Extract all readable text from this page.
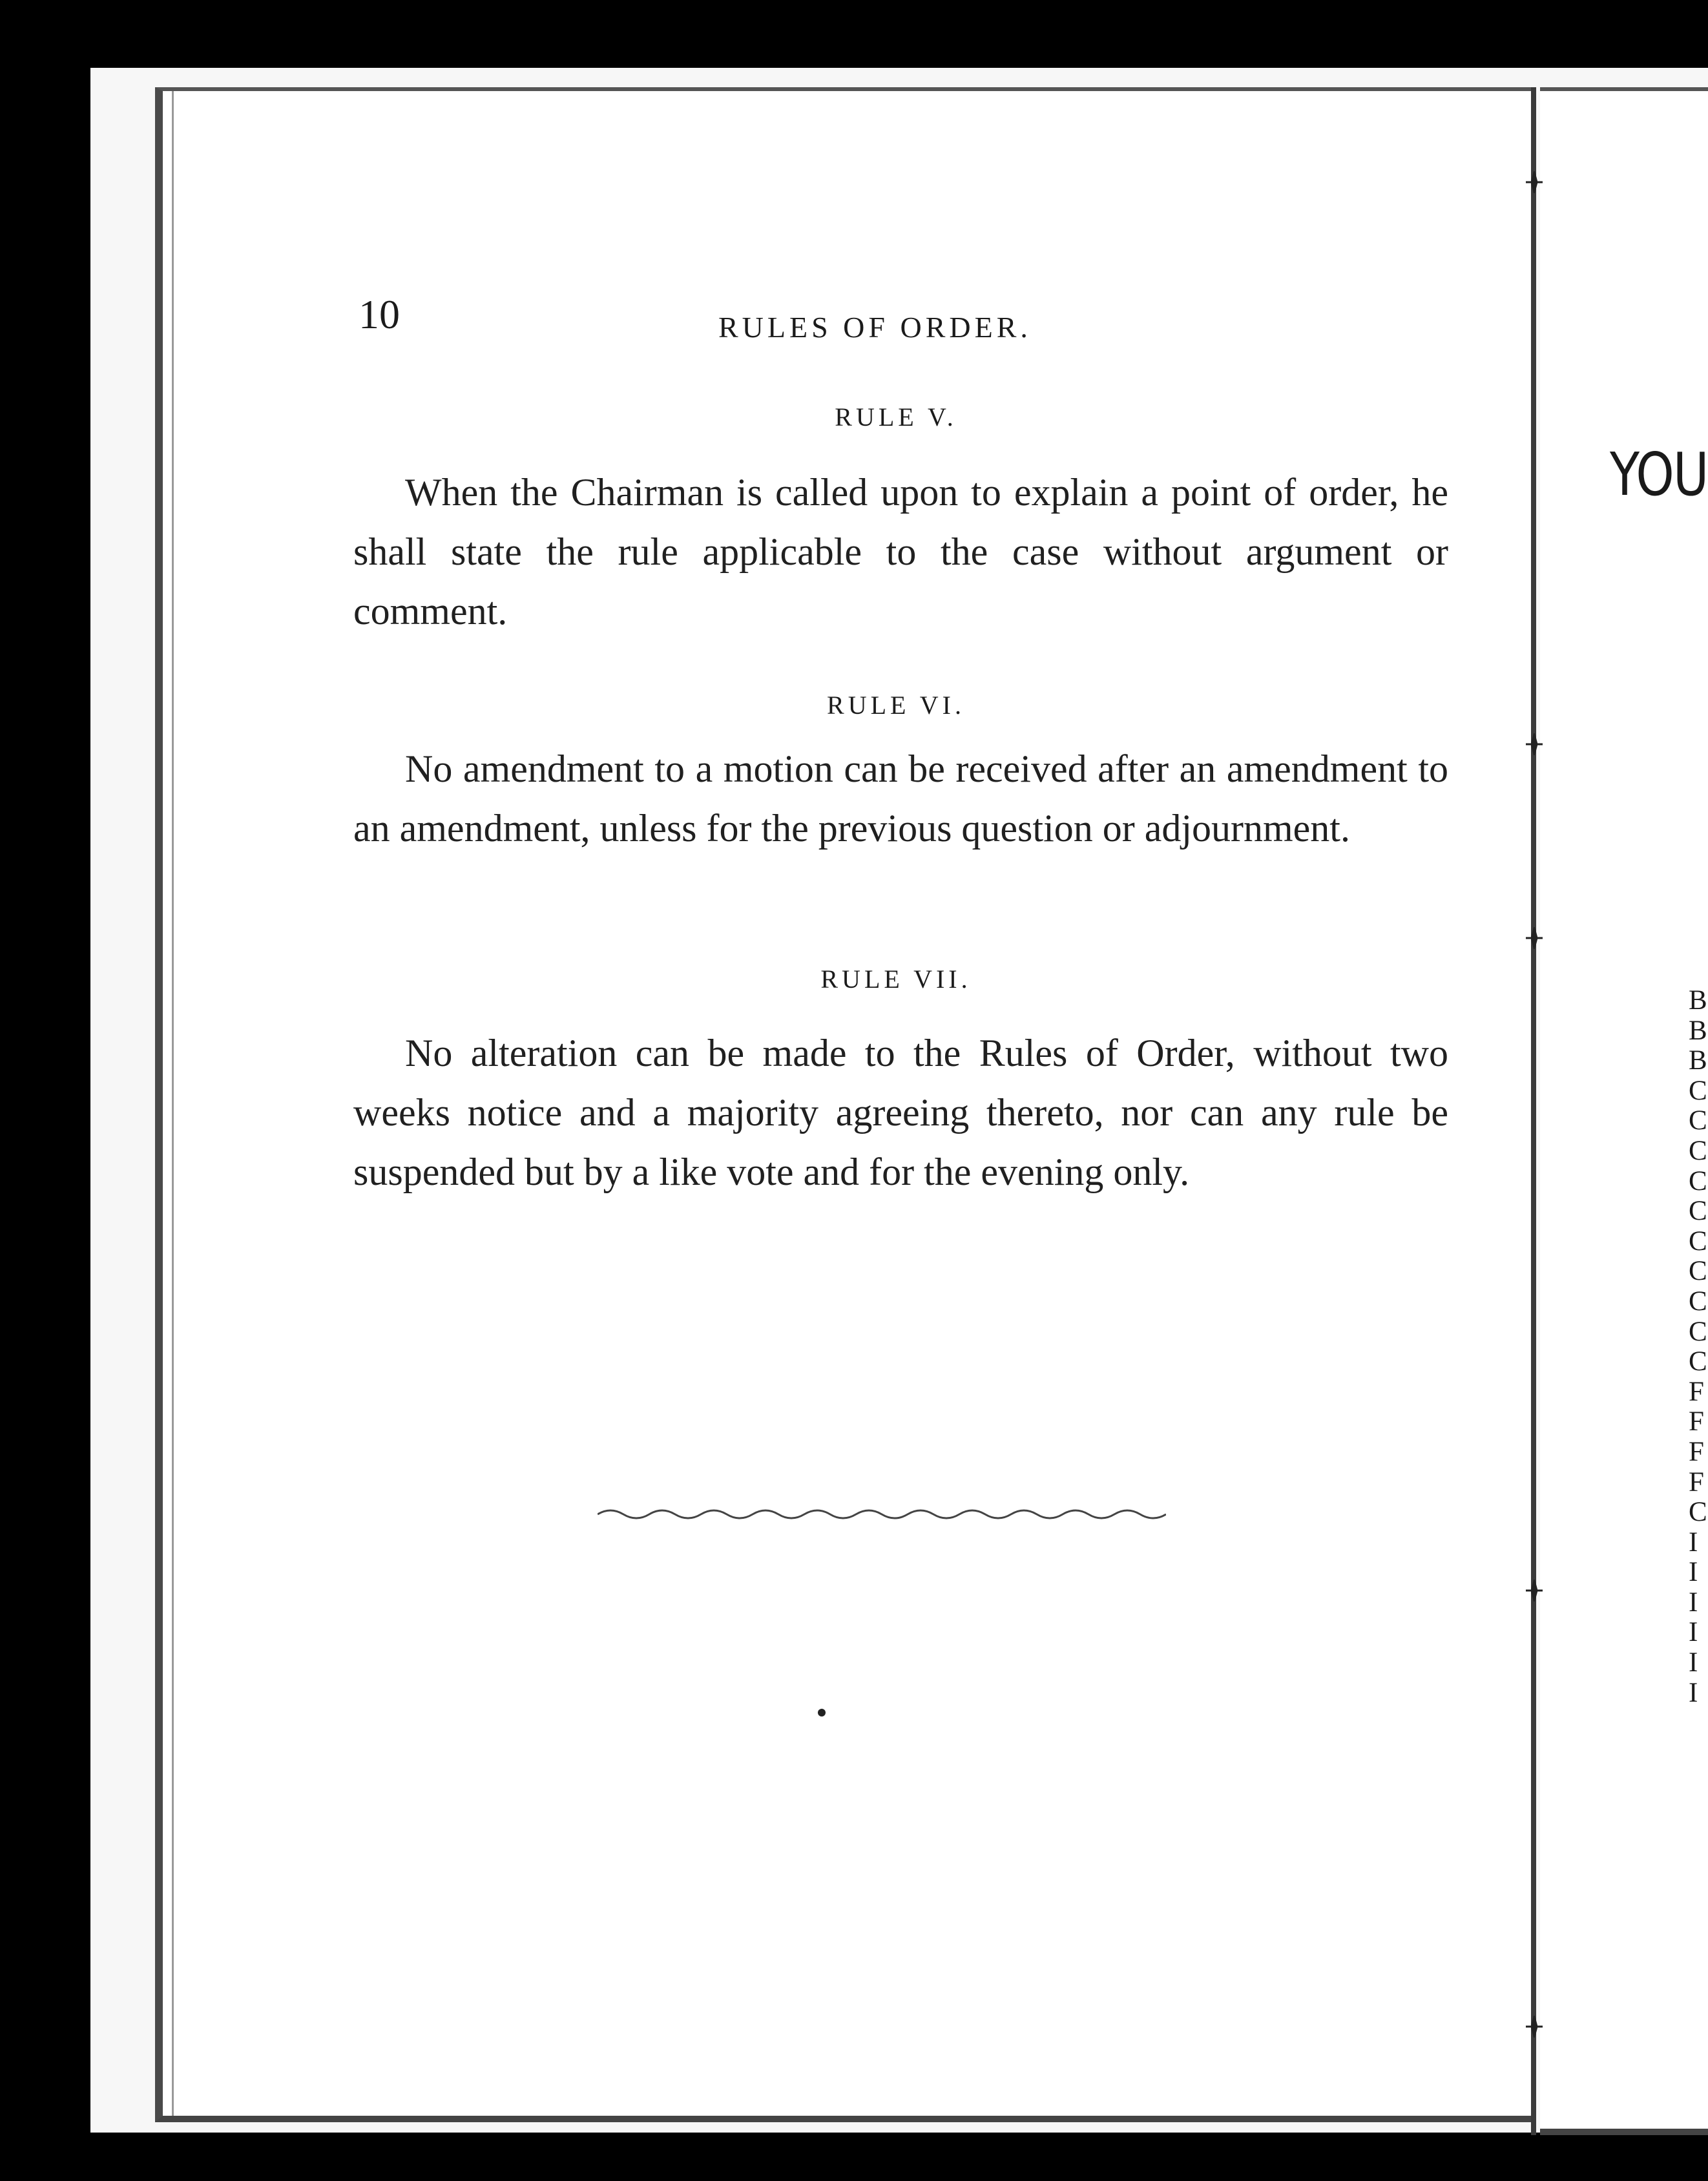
YOU
B
B
B
C
C
C
C
C
C
C
C
C
C
F
F
F
F
C
I
I
I
I
I
I
10	RULES OF ORDER.
RULE V.
When the Chairman is called upon to explain a point of order, he shall state the rule applicable to the case without argument or comment.
RULE VI.
No amendment to a motion can be received after an amendment to an amendment, unless for the previous question or adjournment.
RULE VII.
No alteration can be made to the Rules of Order, without two weeks notice and a majority agreeing thereto, nor can any rule be suspended but by a like vote and for the evening only.
